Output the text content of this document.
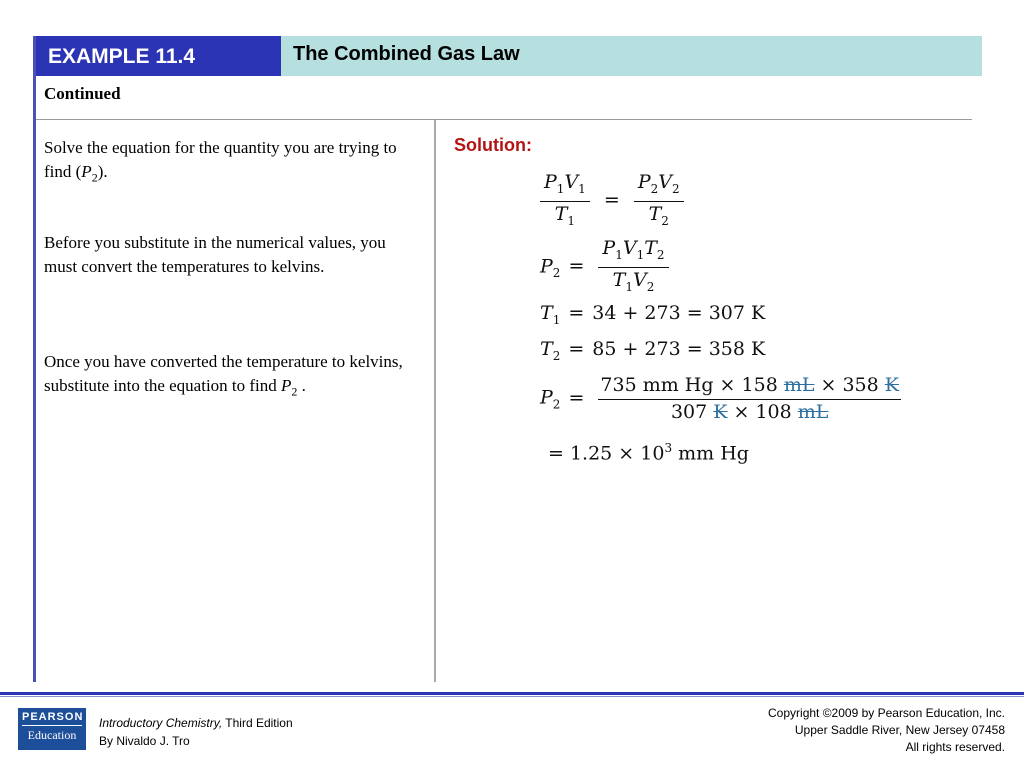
EXAMPLE 11.4	The Combined Gas Law
Continued
Solve the equation for the quantity you are trying to find $(P_2)$.
Before you substitute in the numerical values, you must convert the temperatures to kelvins.
Once you have converted the temperature to kelvins, substitute into the equation to find $P_2$ .
Solution:
$\frac{P_1V_1}{T_1} = \frac{P_2V_2}{T_2}$
$P_2 = \frac{P_1V_1T_2}{T_1V_2}$
$T_1 = 34 + 273 = 307$ K
$T_2 = 85 + 273 = 358$ K
$P_2 = \frac{\text{735 mm Hg × 158 mL × 358 K}}{307 K \times 108 mL}$
= $1.25 \times 10^3$ mm Hg
PEARSON
Education
Introductory Chemistry, Third Edition
By Nivaldo J. Tro
Copyright ©2009 by Pearson Education, Inc.
Upper Saddle River, New Jersey 07458
All rights reserved.
